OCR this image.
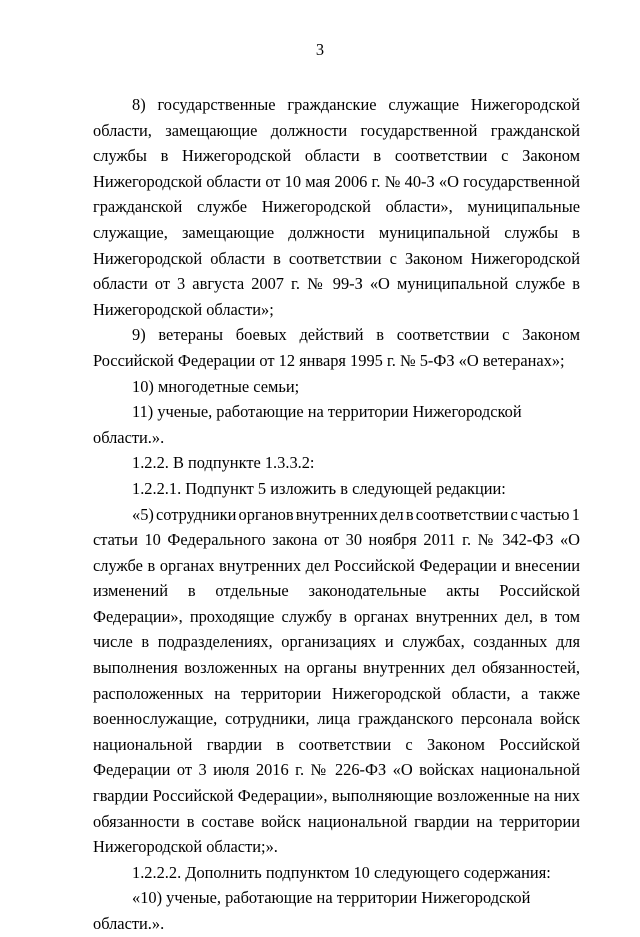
3

8) государственные гражданские служащие Нижегородской области, замещающие должности государственной гражданской службы в Нижегородской области в соответствии с Законом Нижегородской области от 10 мая 2006 г. № 40-З «О государственной гражданской службе Нижегородской области», муниципальные служащие, замещающие должности муниципальной службы в Нижегородской области в соответствии с Законом Нижегородской области от 3 августа 2007 г. № 99-З «О муниципальной службе в Нижегородской области»;

9) ветераны боевых действий в соответствии с Законом Российской Федерации от 12 января 1995 г. № 5-ФЗ «О ветеранах»;

10) многодетные семьи;

11) ученые, работающие на территории Нижегородской области.».

1.2.2. В подпункте 1.3.3.2:

1.2.2.1. Подпункт 5 изложить в следующей редакции:

«5) сотрудники органов внутренних дел в соответствии с частью 1

статьи 10 Федерального закона от 30 ноября 2011 г. № 342-ФЗ «О службе в органах внутренних дел Российской Федерации и внесении изменений в отдельные законодательные акты Российской Федерации», проходящие службу в органах внутренних дел, в том числе в подразделениях, организациях и службах, созданных для выполнения возложенных на органы внутренних дел обязанностей, расположенных на территории Нижегородской области, а также военнослужащие, сотрудники, лица гражданского персонала войск национальной гвардии в соответствии с Законом Российской Федерации от 3 июля 2016 г. № 226-ФЗ «О войсках национальной гвардии Российской Федерации», выполняющие возложенные на них обязанности в составе войск национальной гвардии на территории Нижегородской области;».

1.2.2.2. Дополнить подпунктом 10 следующего содержания:

«10) ученые, работающие на территории Нижегородской области.».
